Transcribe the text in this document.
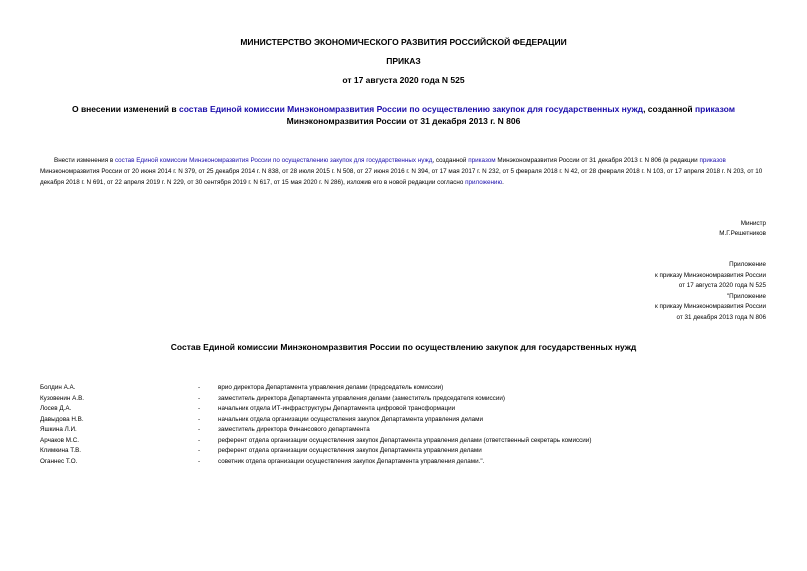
МИНИСТЕРСТВО ЭКОНОМИЧЕСКОГО РАЗВИТИЯ РОССИЙСКОЙ ФЕДЕРАЦИИ
ПРИКАЗ
от 17 августа 2020 года N 525
О внесении изменений в состав Единой комиссии Минэкономразвития России по осуществлению закупок для государственных нужд, созданной приказом
Минэкономразвития России от 31 декабря 2013 г. N 806
Внести изменения в состав Единой комиссии Минэкономразвития России по осуществлению закупок для государственных нужд, созданной приказом Минэкономразвития России от 31 декабря 2013 г. N 806 (в редакции приказов Минэкономразвития России от 20 июня 2014 г. N 379, от 25 декабря 2014 г. N 838, от 28 июля 2015 г. N 508, от 27 июня 2016 г. N 394, от 17 мая 2017 г. N 232, от 5 февраля 2018 г. N 42, от 28 февраля 2018 г. N 103, от 17 апреля 2018 г. N 203, от 10 декабря 2018 г. N 691, от 22 апреля 2019 г. N 229, от 30 сентября 2019 г. N 617, от 15 мая 2020 г. N 286), изложив его в новой редакции согласно приложению.
Министр
М.Г.Решетников
Приложение
к приказу Минэкономразвития России
от 17 августа 2020 года N 525
"Приложение
к приказу Минэкономразвития России
от 31 декабря 2013 года N 806
Состав Единой комиссии Минэкономразвития России по осуществлению закупок для государственных нужд
Болдин А.А.	-	врио директора Департамента управления делами (председатель комиссии)
Кузовенин А.В.	-	заместитель директора Департамента управления делами (заместитель председателя комиссии)
Лосев Д.А.	-	начальник отдела ИТ-инфраструктуры Департамента цифровой трансформации
Давыдова Н.В.	-	начальник отдела организации осуществления закупок Департамента управления делами
Яшкина Л.И.	-	заместитель директора Финансового департамента
Арчаков М.С.	-	референт отдела организации осуществления закупок Департамента управления делами (ответственный секретарь комиссии)
Климкина Т.В.	-	референт отдела организации осуществления закупок Департамента управления делами
Оганнес Т.О.	-	советник отдела организации осуществления закупок Департамента управления делами.".
